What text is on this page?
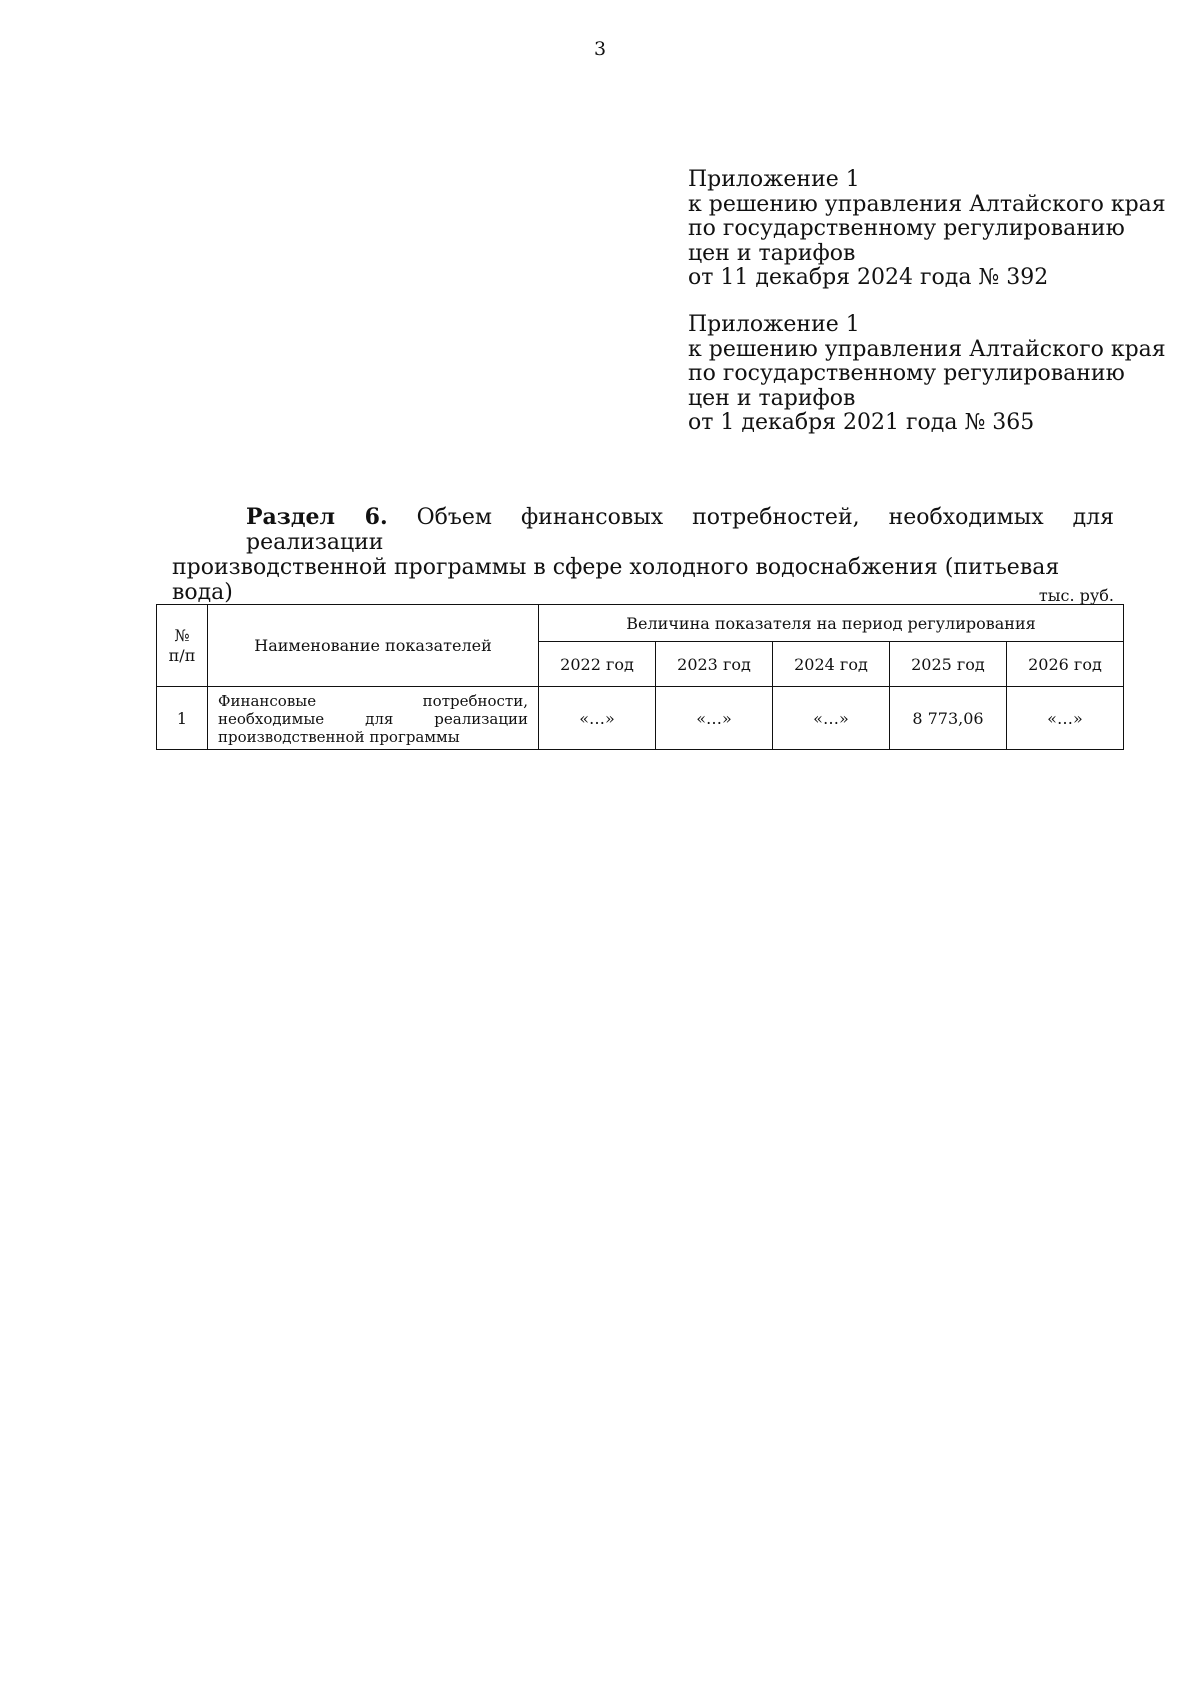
3
Приложение 1
к решению управления Алтайского края
по государственному регулированию
цен и тарифов
от 11 декабря 2024 года № 392
Приложение 1
к решению управления Алтайского края
по государственному регулированию
цен и тарифов
от 1 декабря 2021 года № 365
Раздел 6. Объем финансовых потребностей, необходимых для реализации
производственной программы в сфере холодного водоснабжения (питьевая вода)	тыс. руб.
№
п/п	Наименование показателей	Величина показателя на период регулирования				
		2022 год	2023 год	2024 год	2025 год	2026 год
1	Финансовые потребности,
необходимые для реализации
производственной программы	«…»	«…»	«…»	8 773,06	«…»
